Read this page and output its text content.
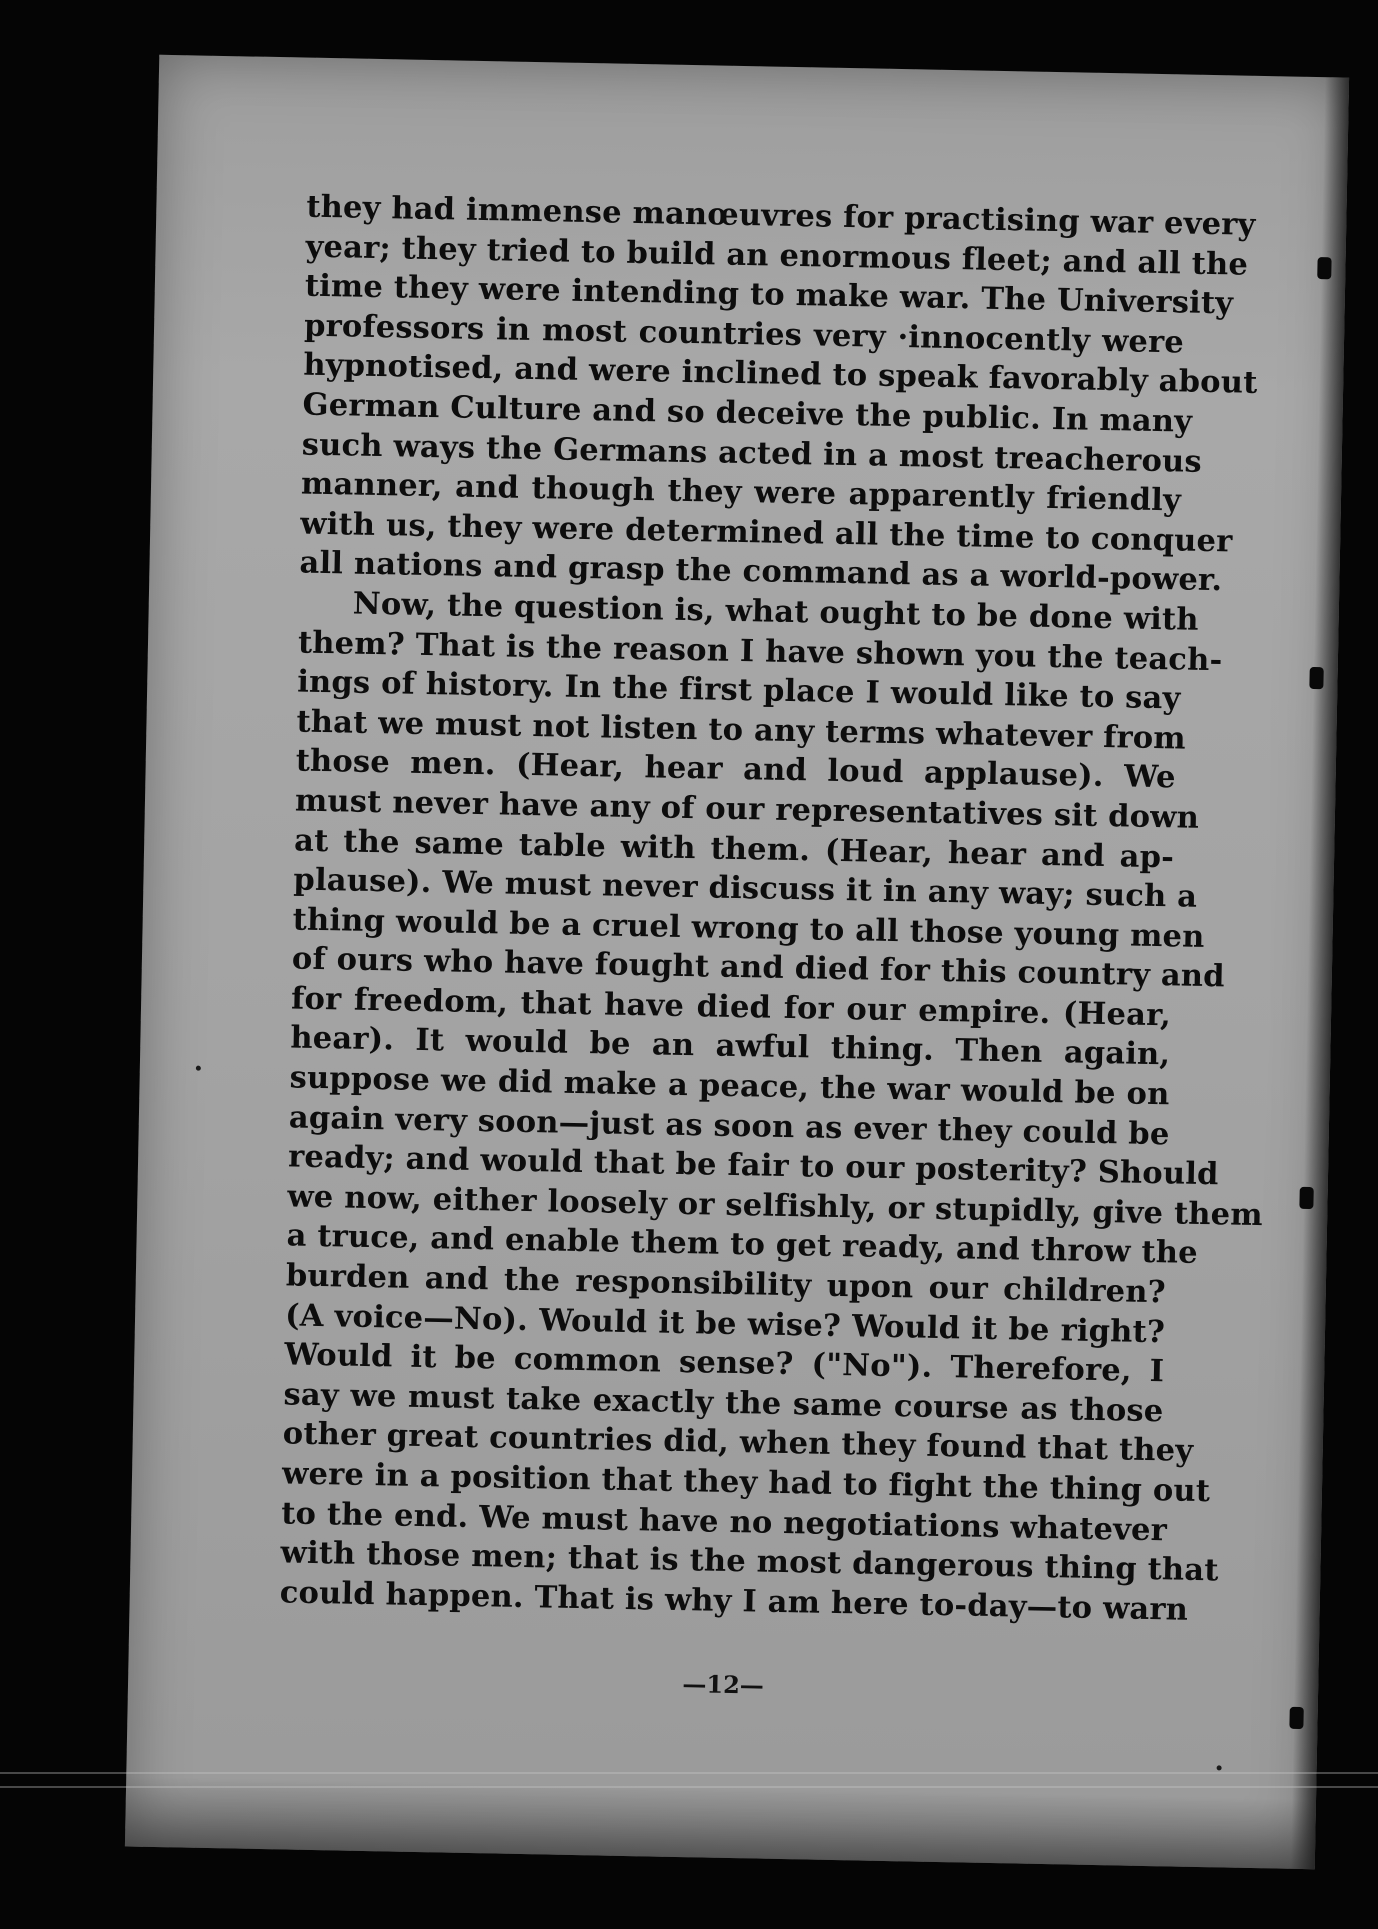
they had immense manœuvres for practising war every
year; they tried to build an enormous fleet; and all the
time they were intending to make war. The University
professors in most countries very ·innocently were
hypnotised, and were inclined to speak favorably about
German Culture and so deceive the public. In many
such ways the Germans acted in a most treacherous
manner, and though they were apparently friendly
with us, they were determined all the time to conquer
all nations and grasp the command as a world-power.
Now, the question is, what ought to be done with
them? That is the reason I have shown you the teach-
ings of history. In the first place I would like to say
that we must not listen to any terms whatever from
those men. (Hear, hear and loud applause). We
must never have any of our representatives sit down
at the same table with them. (Hear, hear and ap-
plause). We must never discuss it in any way; such a
thing would be a cruel wrong to all those young men
of ours who have fought and died for this country and
for freedom, that have died for our empire. (Hear,
hear). It would be an awful thing. Then again,
suppose we did make a peace, the war would be on
again very soon—just as soon as ever they could be
ready; and would that be fair to our posterity? Should
we now, either loosely or selfishly, or stupidly, give them
a truce, and enable them to get ready, and throw the
burden and the responsibility upon our children?
(A voice—No). Would it be wise? Would it be right?
Would it be common sense? ("No"). Therefore, I
say we must take exactly the same course as those
other great countries did, when they found that they
were in a position that they had to fight the thing out
to the end. We must have no negotiations whatever
with those men; that is the most dangerous thing that
could happen. That is why I am here to-day—to warn
—12—
